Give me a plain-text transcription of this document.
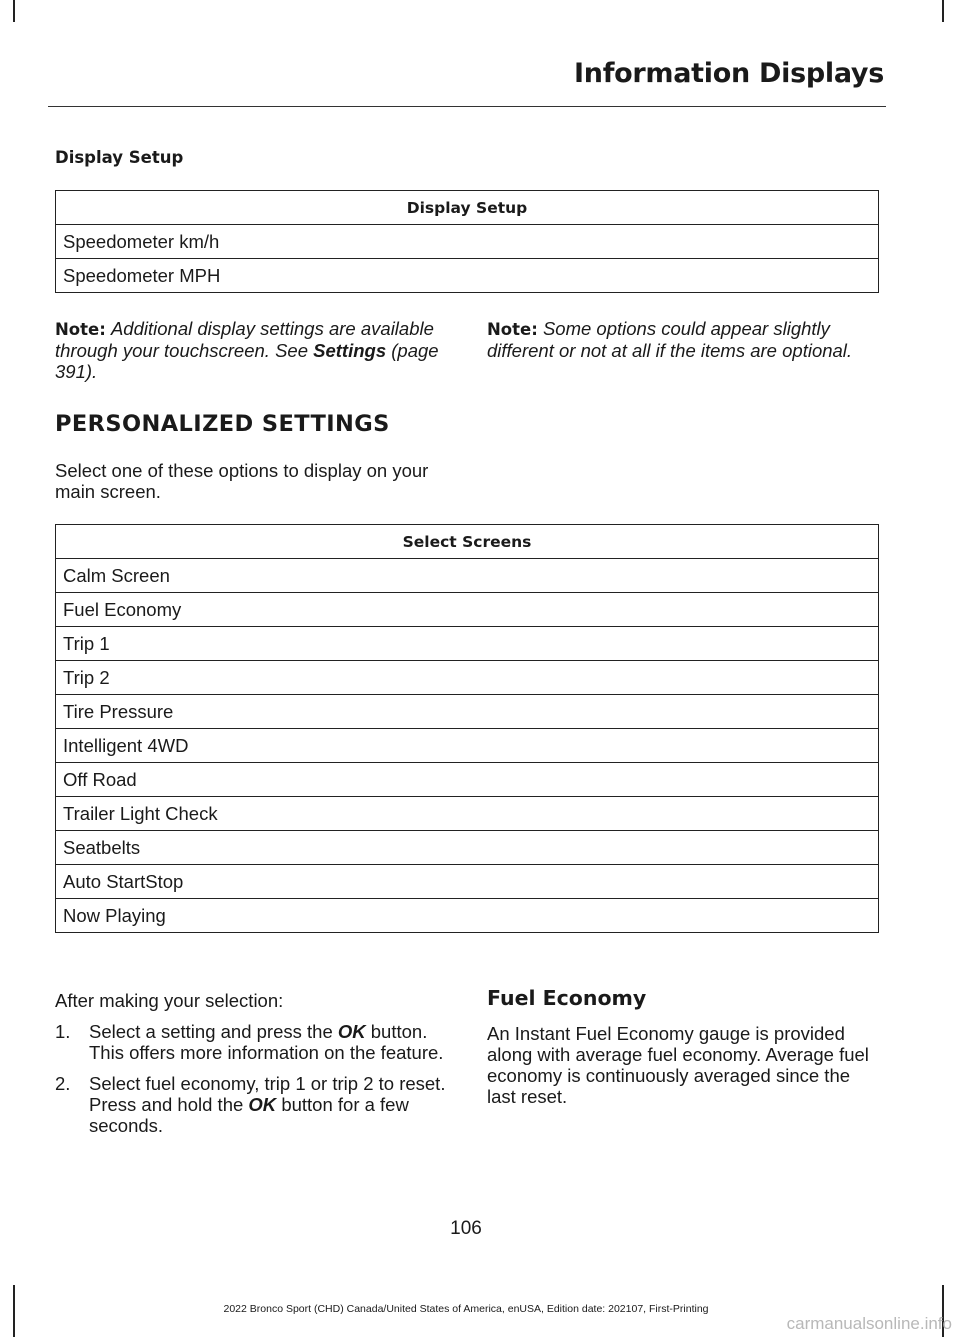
Information Displays
Display Setup
Display Setup
Speedometer km/h
Speedometer MPH
Note: Additional display settings are available through your touchscreen. See Settings (page 391).
Note: Some options could appear slightly different or not at all if the items are optional.
PERSONALIZED SETTINGS
Select one of these options to display on your main screen.
Select Screens
Calm Screen
Fuel Economy
Trip 1
Trip 2
Tire Pressure
Intelligent 4WD
Off Road
Trailer Light Check
Seatbelts
Auto StartStop
Now Playing
After making your selection:
1. Select a setting and press the OK button. This offers more information on the feature.
2. Select fuel economy, trip 1 or trip 2 to reset. Press and hold the OK button for a few seconds.
Fuel Economy
An Instant Fuel Economy gauge is provided along with average fuel economy. Average fuel economy is continuously averaged since the last reset.
106
2022 Bronco Sport (CHD) Canada/United States of America, enUSA, Edition date: 202107, First-Printing
carmanualsonline.info
